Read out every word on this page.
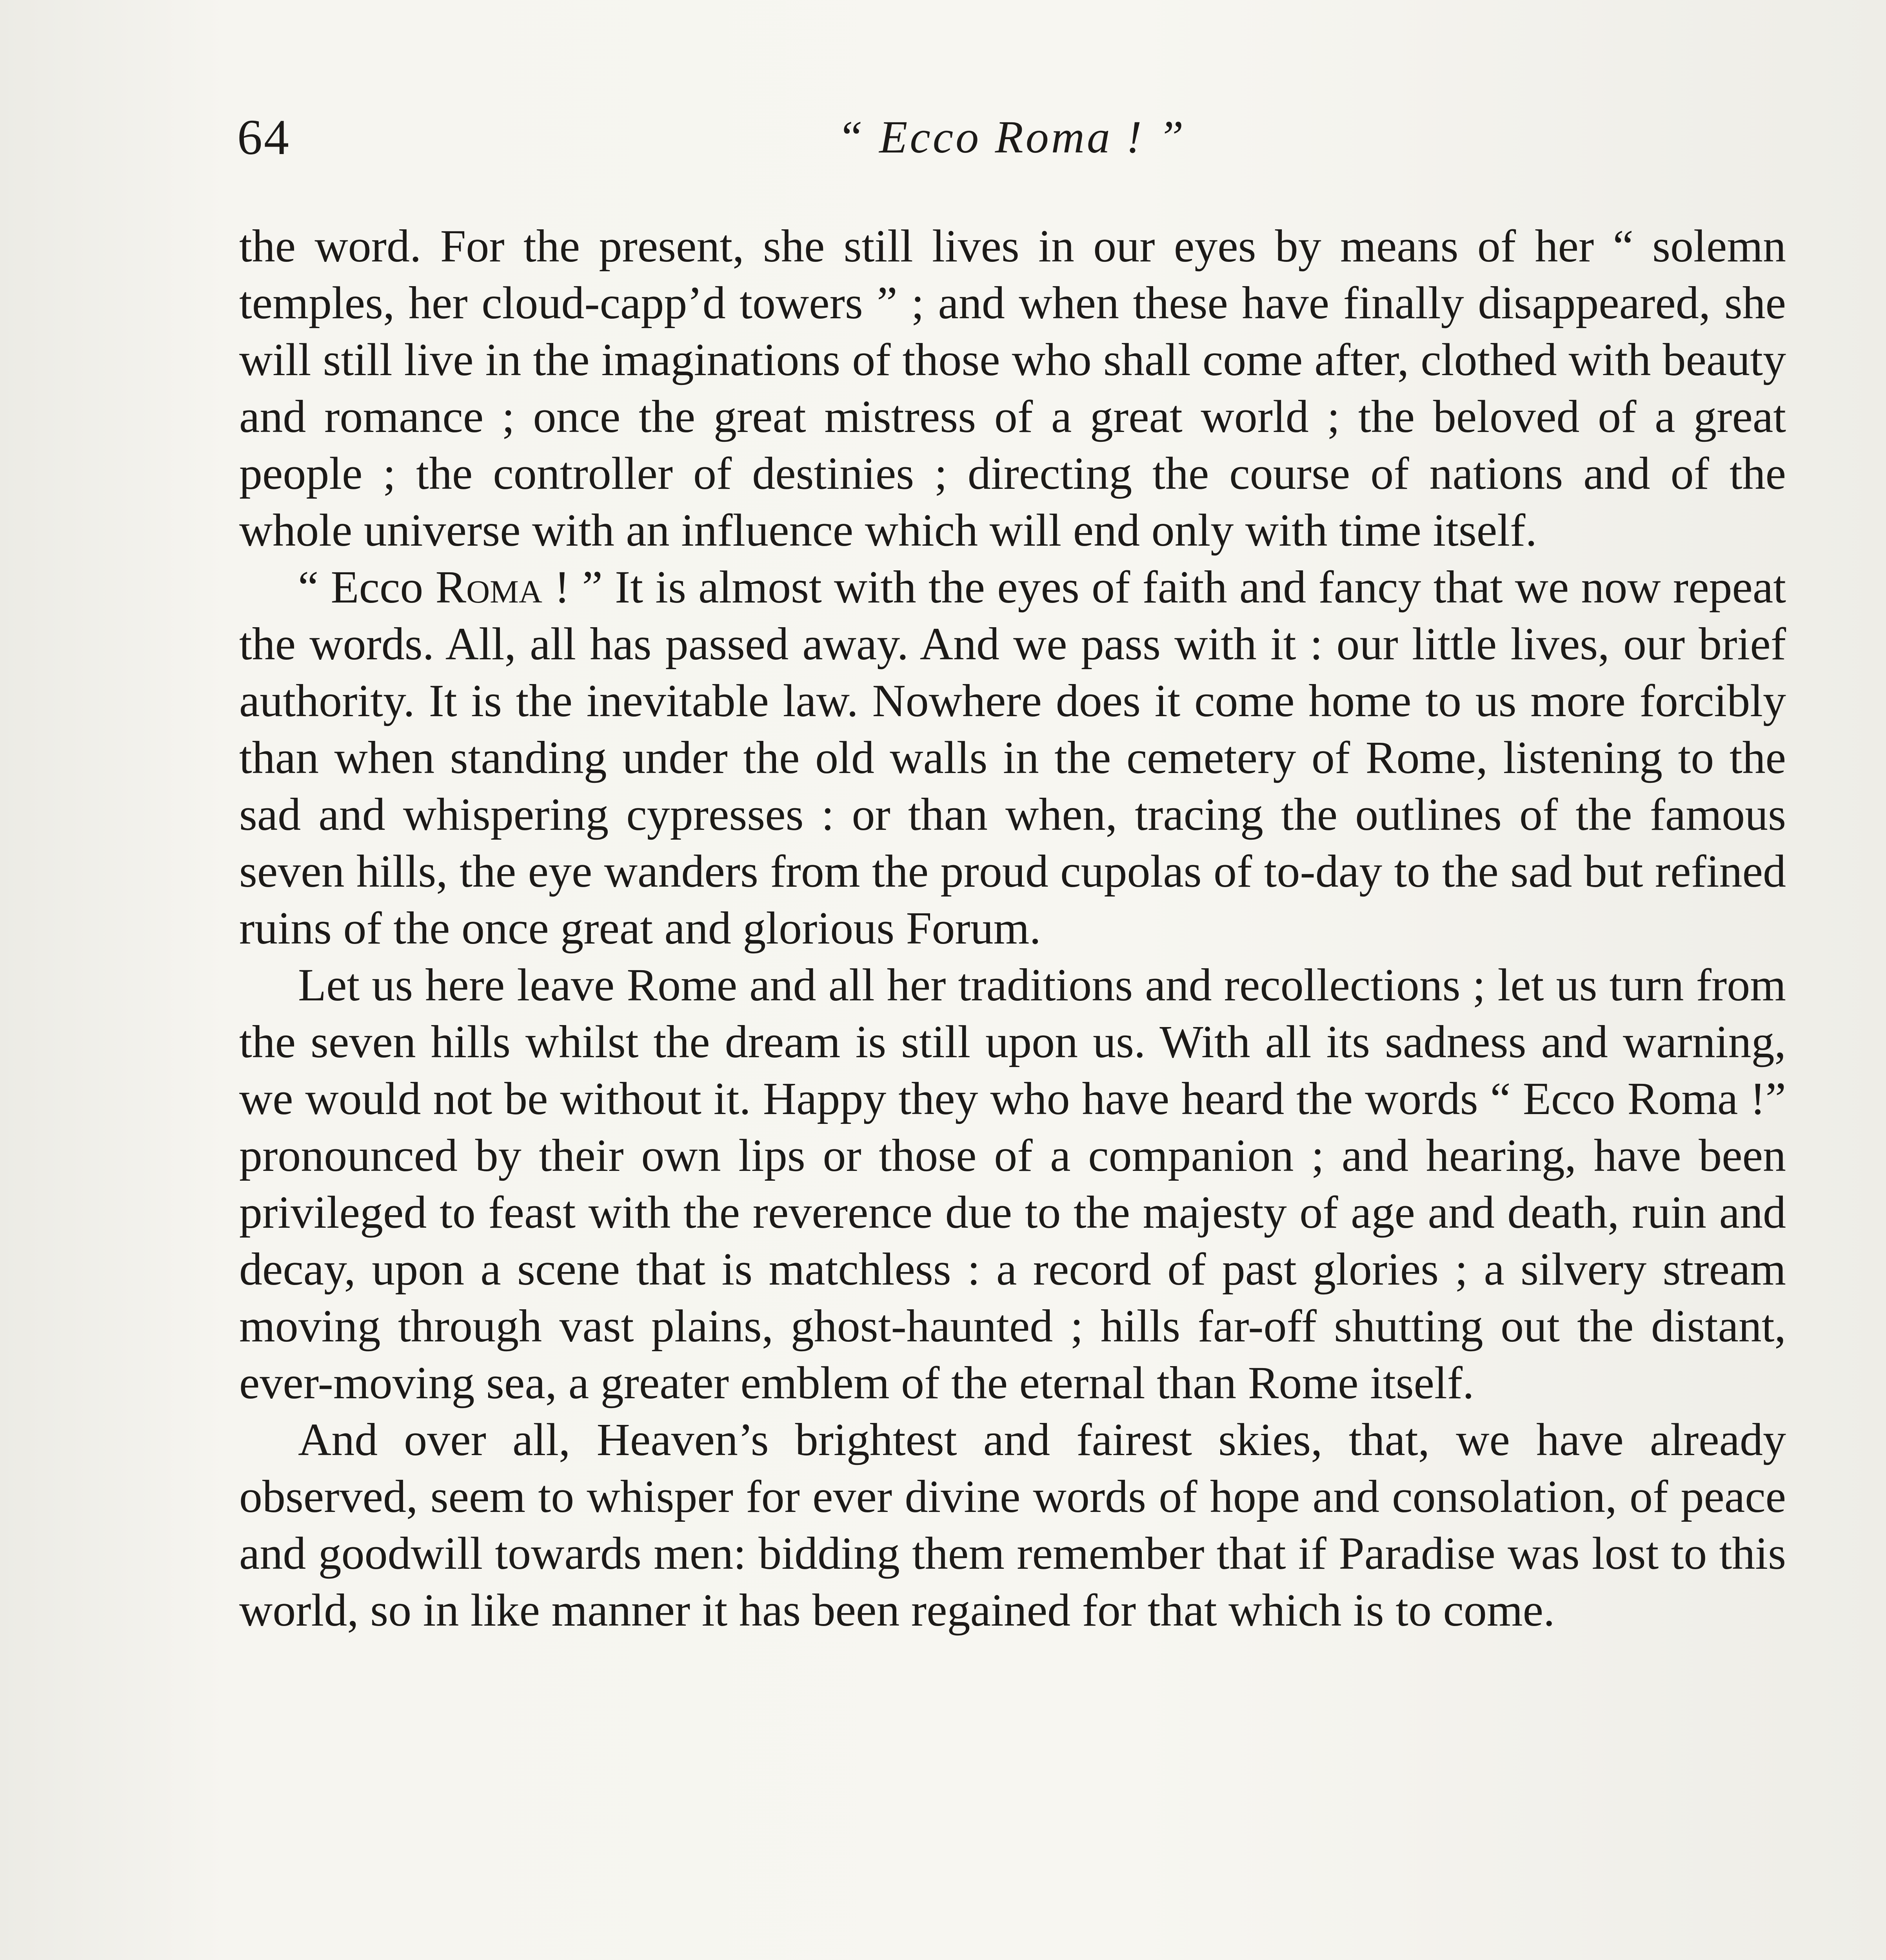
64	“ Ecco Roma ! ”

the word. For the present, she still lives in our eyes by means of her “ solemn temples, her cloud-capp’d towers ” ; and when these have finally disappeared, she will still live in the imaginations of those who shall come after, clothed with beauty and romance ; once the great mistress of a great world ; the beloved of a great people ; the controller of destinies ; directing the course of nations and of the whole universe with an influence which will end only with time itself.

“ Ecco Roma ! ” It is almost with the eyes of faith and fancy that we now repeat the words. All, all has passed away. And we pass with it : our little lives, our brief authority. It is the inevitable law. Nowhere does it come home to us more forcibly than when standing under the old walls in the cemetery of Rome, listening to the sad and whispering cypresses : or than when, tracing the outlines of the famous seven hills, the eye wanders from the proud cupolas of to-day to the sad but refined ruins of the once great and glorious Forum.

Let us here leave Rome and all her traditions and recollections ; let us turn from the seven hills whilst the dream is still upon us. With all its sadness and warning, we would not be without it. Happy they who have heard the words “ Ecco Roma !” pronounced by their own lips or those of a companion ; and hearing, have been privileged to feast with the reverence due to the majesty of age and death, ruin and decay, upon a scene that is matchless : a record of past glories ; a silvery stream moving through vast plains, ghost-haunted ; hills far-off shutting out the distant, ever-moving sea, a greater emblem of the eternal than Rome itself.

And over all, Heaven’s brightest and fairest skies, that, we have already observed, seem to whisper for ever divine words of hope and consolation, of peace and goodwill towards men: bidding them remember that if Paradise was lost to this world, so in like manner it has been regained for that which is to come.
